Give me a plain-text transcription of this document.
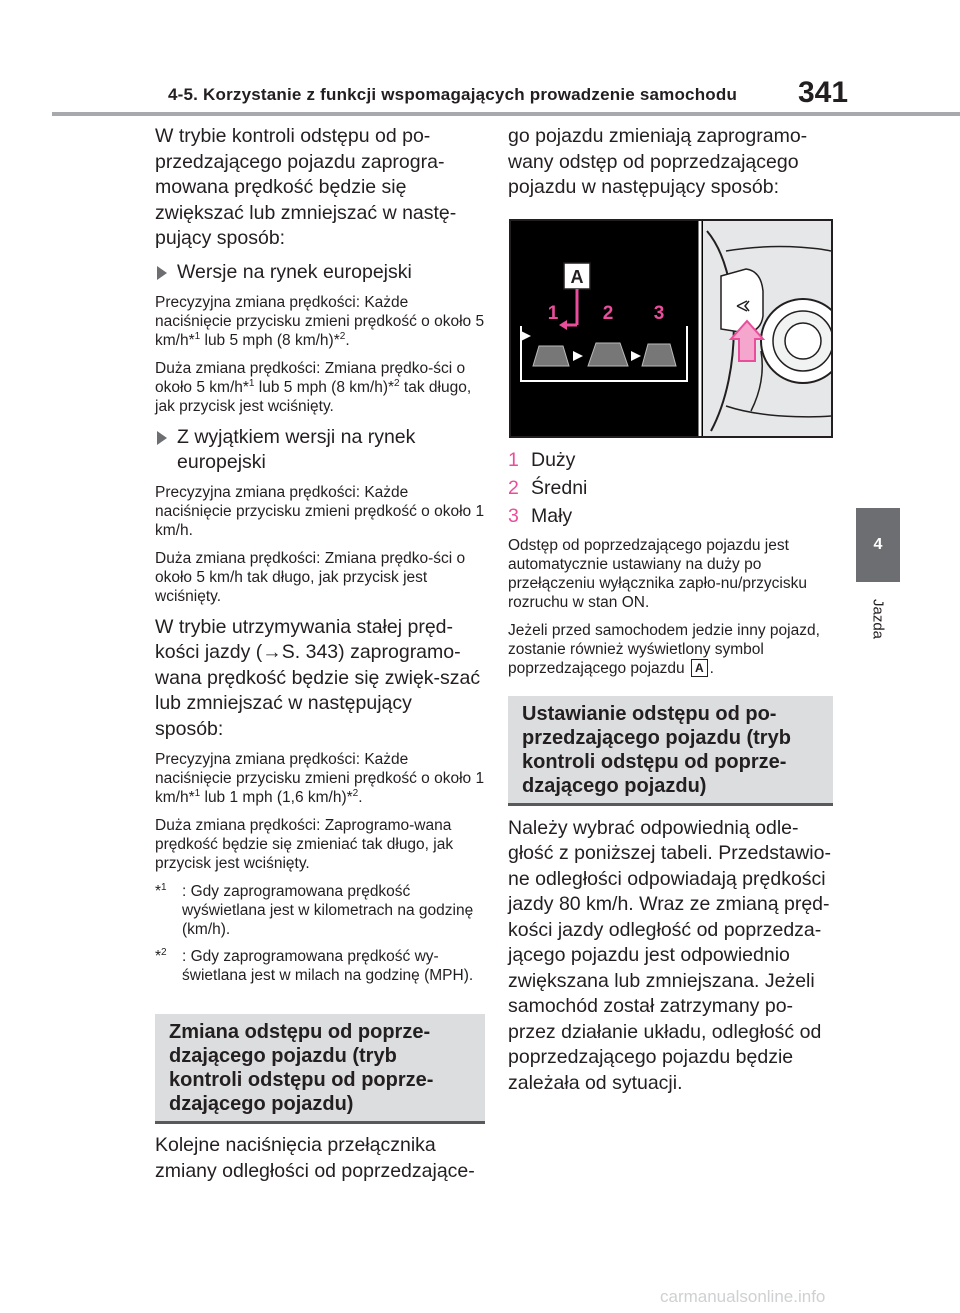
4-5. Korzystanie z funkcji wspomagających prowadzenie samochodu 341
4
Jazda

W trybie kontroli odstępu od po-przedzającego pojazdu zaprogra-mowana prędkość będzie się zwiększać lub zmniejszać w nastę-pujący sposób:

Wersje na rynek europejski

Precyzyjna zmiana prędkości: Każde naciśnięcie przycisku zmieni prędkość o około 5 km/h*$^1$ lub 5 mph (8 km/h)*$^2$.

Duża zmiana prędkości: Zmiana prędko-ści o około 5 km/h*$^1$ lub 5 mph (8 km/h)*$^2$ tak długo, jak przycisk jest wciśnięty.

Z wyjątkiem wersji na rynek europejski

Precyzyjna zmiana prędkości: Każde naciśnięcie przycisku zmieni prędkość o około 1 km/h.

Duża zmiana prędkości: Zmiana prędko-ści o około 5 km/h tak długo, jak przycisk jest wciśnięty.

W trybie utrzymywania stałej pręd-kości jazdy (→S. 343) zaprogramo-wana prędkość będzie się zwięk-szać lub zmniejszać w następujący sposób:

Precyzyjna zmiana prędkości: Każde naciśnięcie przycisku zmieni prędkość o około 1 km/h*$^1$ lub 1 mph (1,6 km/h)*$^2$.

Duża zmiana prędkości: Zaprogramo-wana prędkość będzie się zmieniać tak długo, jak przycisk jest wciśnięty.

*$^1$ : Gdy zaprogramowana prędkość wyświetlana jest w kilometrach na godzinę (km/h).
*$^2$ : Gdy zaprogramowana prędkość wy-świetlana jest w milach na godzinę (MPH).
Zmiana odstępu od poprze-dzającego pojazdu (tryb kontroli odstępu od poprze-dzającego pojazdu)

Kolejne naciśnięcia przełącznika zmiany odległości od poprzedzające-

go pojazdu zmieniają zaprogramo-wany odstęp od poprzedzającego pojazdu w następujący sposób:

A
1 2 3
1 Duży
2 Średni
3 Mały

Odstęp od poprzedzającego pojazdu jest automatycznie ustawiany na duży po przełączeniu wyłącznika zapło-nu/przycisku rozruchu w stan ON.

Jeżeli przed samochodem jedzie inny pojazd, zostanie również wyświetlony symbol poprzedzającego pojazdu A .

Ustawianie odstępu od po-przedzającego pojazdu (tryb kontroli odstępu od poprze-dzającego pojazdu)

Należy wybrać odpowiednią odle-głość z poniższej tabeli. Przedstawio-ne odległości odpowiadają prędkości jazdy 80 km/h. Wraz ze zmianą pręd-kości jazdy odległość od poprzedza-jącego pojazdu jest odpowiednio zwiększana lub zmniejszana. Jeżeli samochód został zatrzymany po-przez działanie układu, odległość od poprzedzającego pojazdu będzie zależała od sytuacji.

carmanualsonline.info
